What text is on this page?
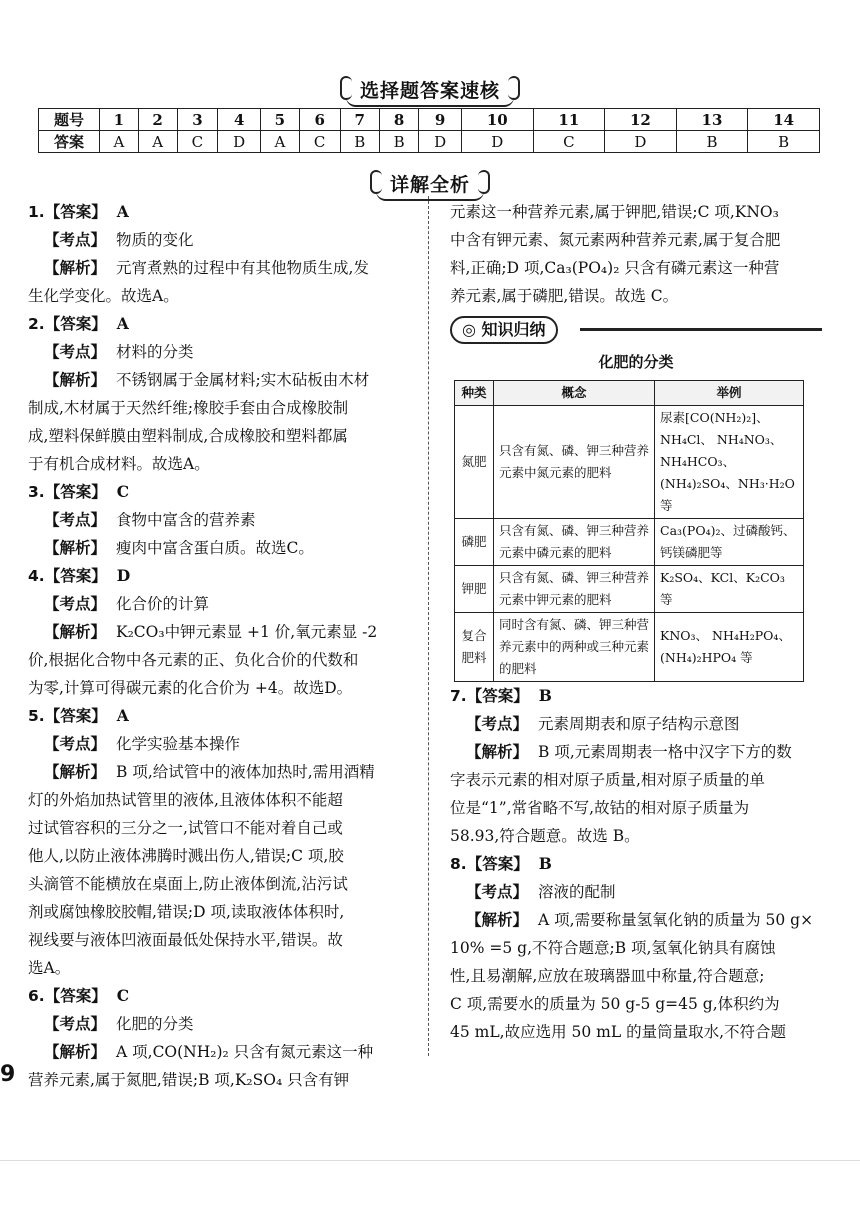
选择题答案速核
题号	1	2	3	4	5	6	7	8	9	10	11	12	13	14
答案	A	A	C	D	A	C	B	B	D	D	C	D	B	B
详解全析
1.【答案】 A
【考点】 物质的变化
【解析】 元宵煮熟的过程中有其他物质生成,发
生化学变化。故选A。
2.【答案】 A
【考点】 材料的分类
【解析】 不锈钢属于金属材料;实木砧板由木材
制成,木材属于天然纤维;橡胶手套由合成橡胶制
成,塑料保鲜膜由塑料制成,合成橡胶和塑料都属
于有机合成材料。故选A。
3.【答案】 C
【考点】 食物中富含的营养素
【解析】 瘦肉中富含蛋白质。故选C。
4.【答案】 D
【考点】 化合价的计算
【解析】 K₂CO₃中钾元素显 +1 价,氧元素显 -2
价,根据化合物中各元素的正、负化合价的代数和
为零,计算可得碳元素的化合价为 +4。故选D。
5.【答案】 A
【考点】 化学实验基本操作
【解析】 B 项,给试管中的液体加热时,需用酒精
灯的外焰加热试管里的液体,且液体体积不能超
过试管容积的三分之一,试管口不能对着自己或
他人,以防止液体沸腾时溅出伤人,错误;C 项,胶
头滴管不能横放在桌面上,防止液体倒流,沾污试
剂或腐蚀橡胶胶帽,错误;D 项,读取液体体积时,
视线要与液体凹液面最低处保持水平,错误。故
选A。
6.【答案】 C
【考点】 化肥的分类
【解析】 A 项,CO(NH₂)₂ 只含有氮元素这一种
营养元素,属于氮肥,错误;B 项,K₂SO₄ 只含有钾
元素这一种营养元素,属于钾肥,错误;C 项,KNO₃
中含有钾元素、氮元素两种营养元素,属于复合肥
料,正确;D 项,Ca₃(PO₄)₂ 只含有磷元素这一种营
养元素,属于磷肥,错误。故选 C。
◎ 知识归纳
化肥的分类
种类	概念	举例
氮肥	只含有氮、磷、钾三种营养元素中氮元素的肥料	尿素[CO(NH₂)₂]、NH₄Cl、 NH₄NO₃、NH₄HCO₃、(NH₄)₂SO₄、NH₃·H₂O 等
磷肥	只含有氮、磷、钾三种营养元素中磷元素的肥料	Ca₃(PO₄)₂、过磷酸钙、钙镁磷肥等
钾肥	只含有氮、磷、钾三种营养元素中钾元素的肥料	K₂SO₄、KCl、K₂CO₃ 等
复合肥料	同时含有氮、磷、钾三种营养元素中的两种或三种元素的肥料	KNO₃、 NH₄H₂PO₄、(NH₄)₂HPO₄ 等
7.【答案】 B
【考点】 元素周期表和原子结构示意图
【解析】 B 项,元素周期表一格中汉字下方的数
字表示元素的相对原子质量,相对原子质量的单
位是“1”,常省略不写,故钴的相对原子质量为
58.93,符合题意。故选 B。
8.【答案】 B
【考点】 溶液的配制
【解析】 A 项,需要称量氢氧化钠的质量为 50 g×
10% =5 g,不符合题意;B 项,氢氧化钠具有腐蚀
性,且易潮解,应放在玻璃器皿中称量,符合题意;
C 项,需要水的质量为 50 g-5 g=45 g,体积约为
45 mL,故应选用 50 mL 的量筒量取水,不符合题
9
